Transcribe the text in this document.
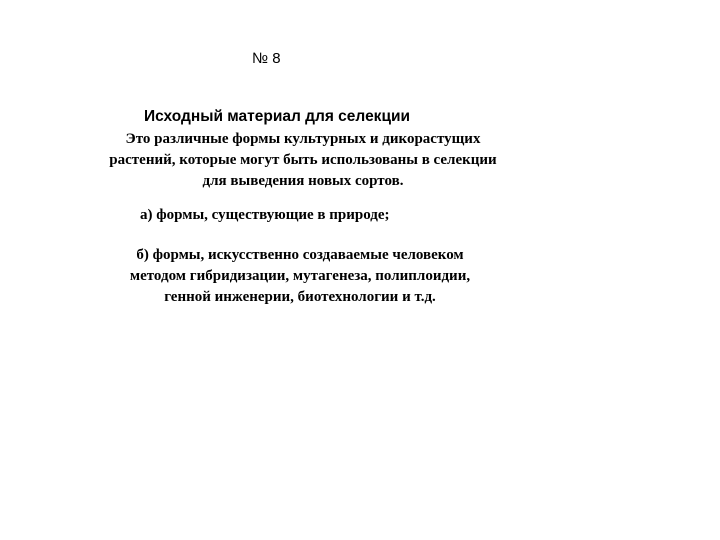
№ 8
Исходный материал для селекции
Это различные формы культурных и дикорастущих
растений, которые могут быть использованы в селекции
для выведения новых сортов.
а) формы, существующие в природе;
б) формы, искусственно создаваемые человеком
методом гибридизации, мутагенеза, полиплоидии,
генной инженерии, биотехнологии и т.д.
